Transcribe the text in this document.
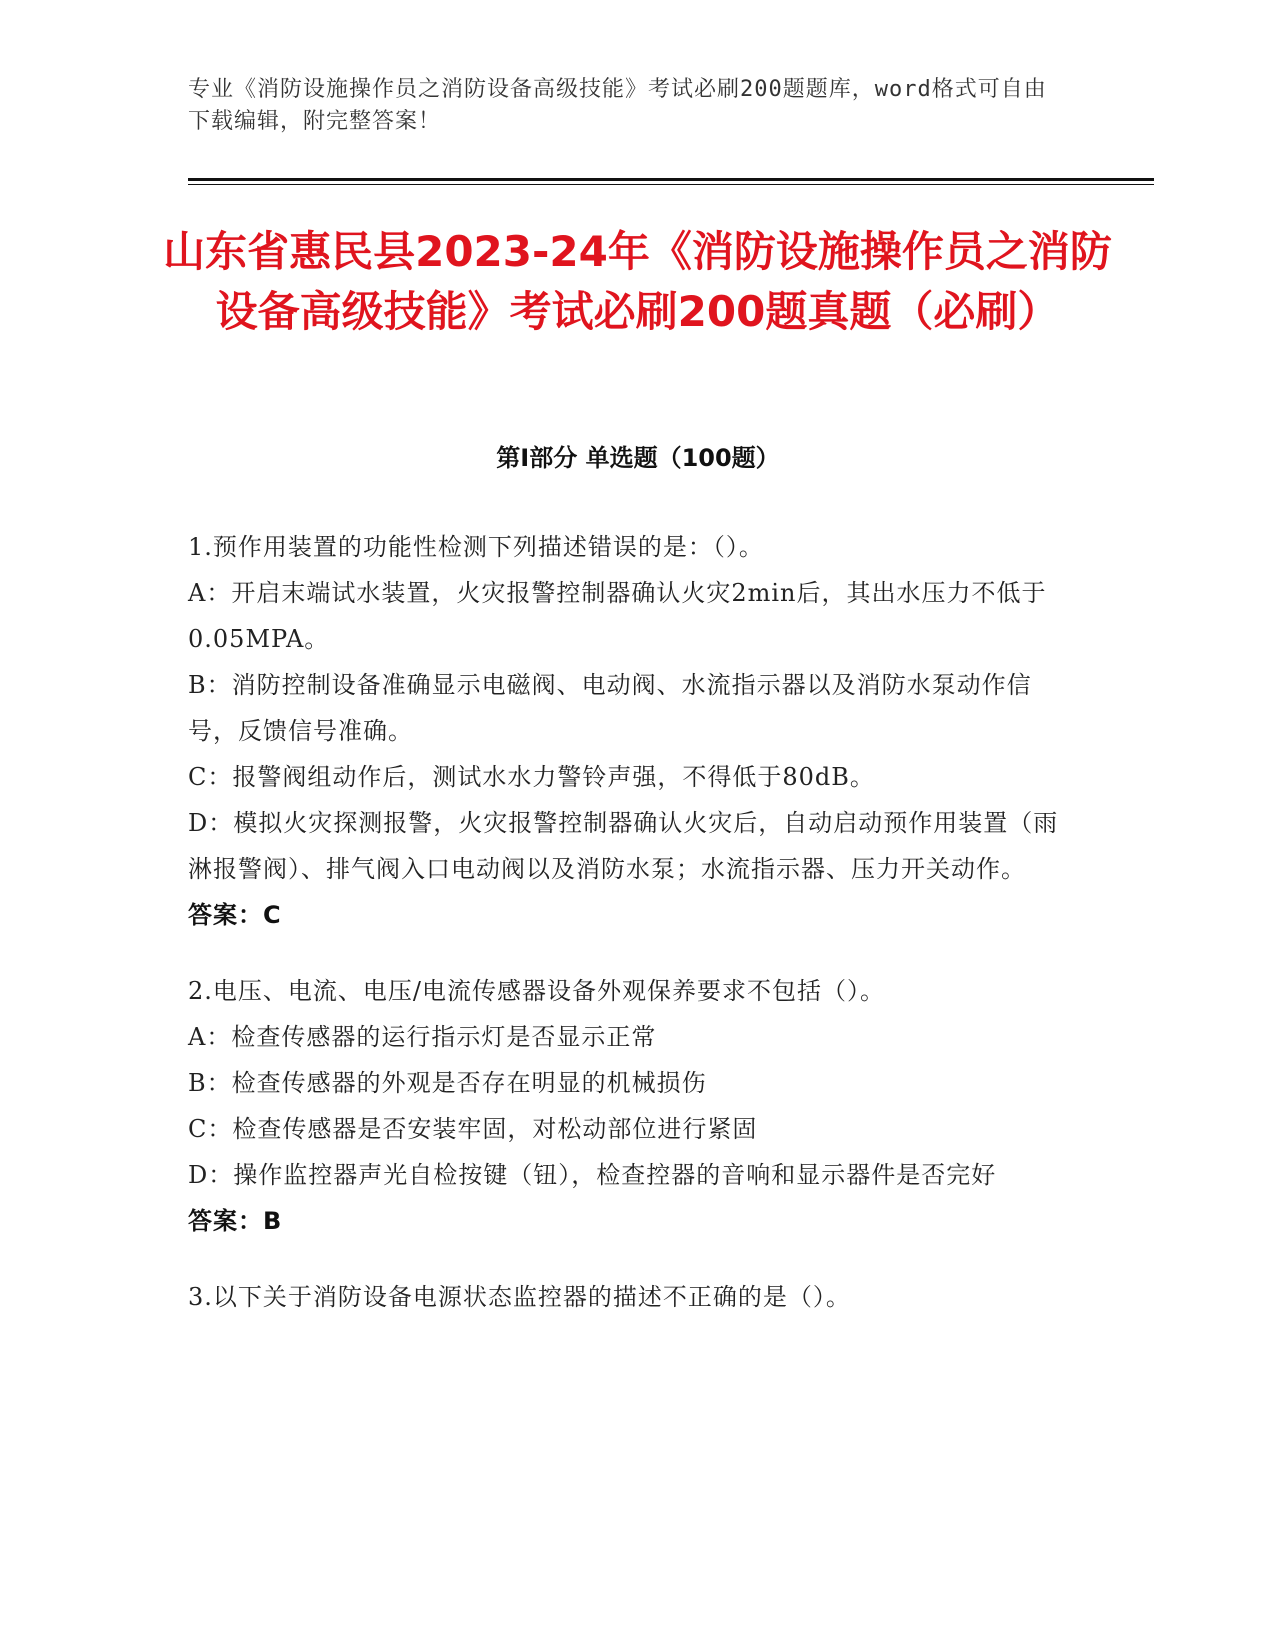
专业《消防设施操作员之消防设备高级技能》考试必刷200题题库，word格式可自由下载编辑，附完整答案！
山东省惠民县2023-24年《消防设施操作员之消防设备高级技能》考试必刷200题真题（必刷）
第Ⅰ部分 单选题（100题）

1.预作用装置的功能性检测下列描述错误的是：（）。

A：开启末端试水装置，火灾报警控制器确认火灾2min后，其出水压力不低于0.05MPA。

B：消防控制设备准确显示电磁阀、电动阀、水流指示器以及消防水泵动作信号，反馈信号准确。

C：报警阀组动作后，测试水水力警铃声强，不得低于80dB。

D：模拟火灾探测报警，火灾报警控制器确认火灾后，自动启动预作用装置（雨淋报警阀）、排气阀入口电动阀以及消防水泵；水流指示器、压力开关动作。

答案：C

2.电压、电流、电压/电流传感器设备外观保养要求不包括（）。

A：检查传感器的运行指示灯是否显示正常

B：检查传感器的外观是否存在明显的机械损伤

C：检查传感器是否安装牢固，对松动部位进行紧固

D：操作监控器声光自检按键（钮），检查控器的音响和显示器件是否完好

答案：B

3.以下关于消防设备电源状态监控器的描述不正确的是（）。
